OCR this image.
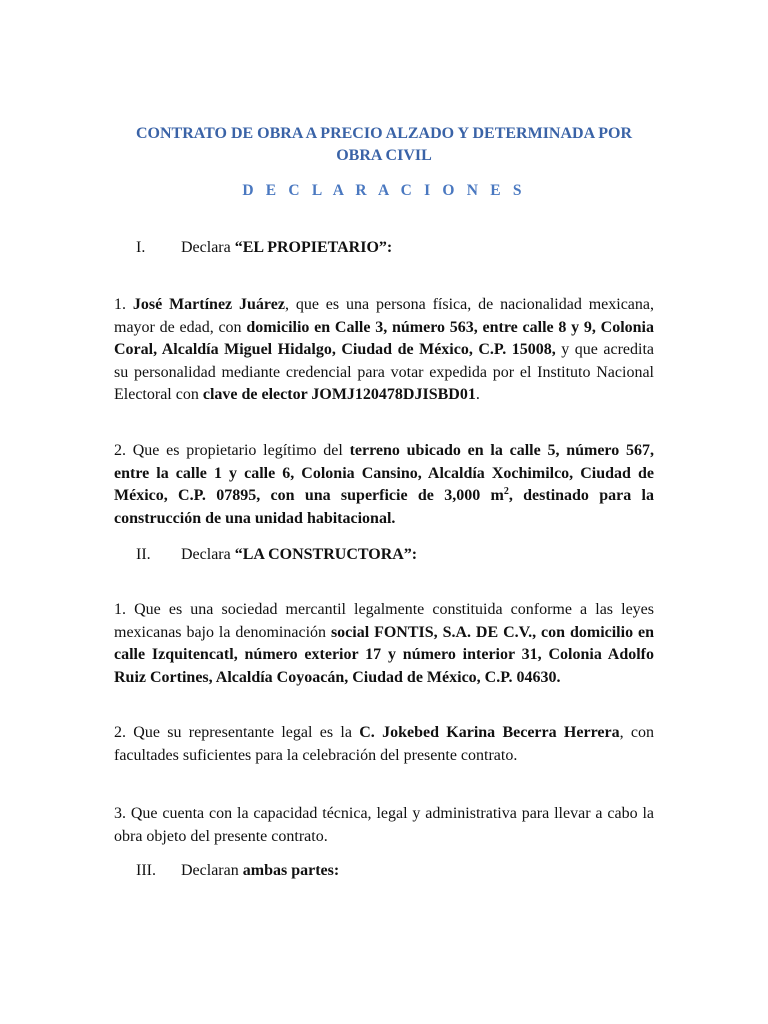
CONTRATO DE OBRA A PRECIO ALZADO Y DETERMINADA POR OBRA CIVIL

D E C L A R A C I O N E S

I. Declara “EL PROPIETARIO”:

1. José Martínez Juárez, que es una persona física, de nacionalidad mexicana, mayor de edad, con domicilio en Calle 3, número 563, entre calle 8 y 9, Colonia Coral, Alcaldía Miguel Hidalgo, Ciudad de México, C.P. 15008, y que acredita su personalidad mediante credencial para votar expedida por el Instituto Nacional Electoral con clave de elector JOMJ120478DJISBD01.

2. Que es propietario legítimo del terreno ubicado en la calle 5, número 567, entre la calle 1 y calle 6, Colonia Cansino, Alcaldía Xochimilco, Ciudad de México, C.P. 07895, con una superficie de 3,000 $m^2$, destinado para la construcción de una unidad habitacional.

II. Declara “LA CONSTRUCTORA”:

1. Que es una sociedad mercantil legalmente constituida conforme a las leyes mexicanas bajo la denominación social FONTIS, S.A. DE C.V., con domicilio en calle Izquitencatl, número exterior 17 y número interior 31, Colonia Adolfo Ruiz Cortines, Alcaldía Coyoacán, Ciudad de México, C.P. 04630.

2. Que su representante legal es la C. Jokebed Karina Becerra Herrera, con facultades suficientes para la celebración del presente contrato.

3. Que cuenta con la capacidad técnica, legal y administrativa para llevar a cabo la obra objeto del presente contrato.

III. Declaran ambas partes:
